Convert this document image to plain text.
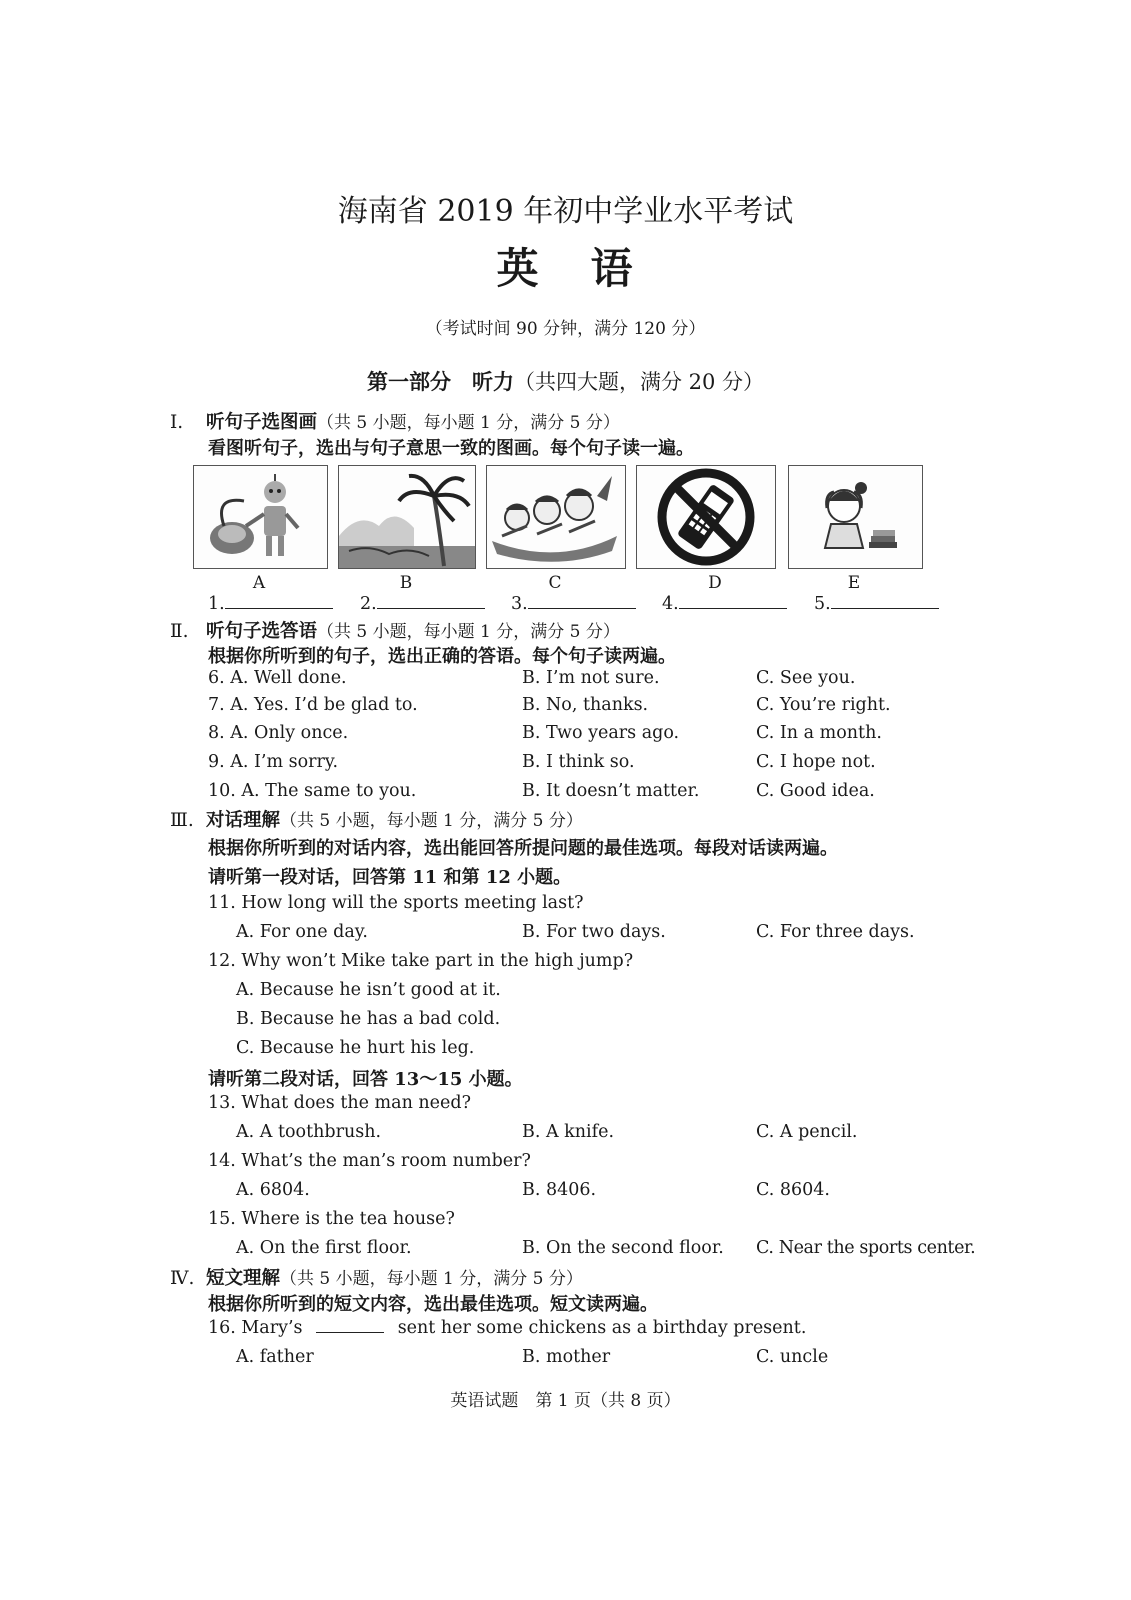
海南省 2019 年初中学业水平考试
英 语
（考试时间 90 分钟，满分 120 分）
第一部分　听力（共四大题，满分 20 分）
Ⅰ. 听句子选图画（共 5 小题，每小题 1 分，满分 5 分）
看图听句子，选出与句子意思一致的图画。每个句子读一遍。
A	B	C	D	E
1.	2.	3.	4.	5.
Ⅱ. 听句子选答语（共 5 小题，每小题 1 分，满分 5 分）
根据你所听到的句子，选出正确的答语。每个句子读两遍。
6. A. Well done.	B. I’m not sure.	C. See you.
7. A. Yes. I’d be glad to.	B. No, thanks.	C. You’re right.
8. A. Only once.	B. Two years ago.	C. In a month.
9. A. I’m sorry.	B. I think so.	C. I hope not.
10. A. The same to you.	B. It doesn’t matter.	C. Good idea.
Ⅲ. 对话理解（共 5 小题，每小题 1 分，满分 5 分）
根据你所听到的对话内容，选出能回答所提问题的最佳选项。每段对话读两遍。
请听第一段对话，回答第 11 和第 12 小题。
11. How long will the sports meeting last?
A. For one day.	B. For two days.	C. For three days.
12. Why won’t Mike take part in the high jump?
A. Because he isn’t good at it.
B. Because he has a bad cold.
C. Because he hurt his leg.
请听第二段对话，回答 13～15 小题。
13. What does the man need?
A. A toothbrush.	B. A knife.	C. A pencil.
14. What’s the man’s room number?
A. 6804.	B. 8406.	C. 8604.
15. Where is the tea house?
A. On the first floor.	B. On the second floor. C. Near the sports center.
Ⅳ. 短文理解（共 5 小题，每小题 1 分，满分 5 分）
根据你所听到的短文内容，选出最佳选项。短文读两遍。
16. Mary’s	sent her some chickens as a birthday present.
A. father	B. mother	C. uncle
英语试题　第 1 页（共 8 页）
